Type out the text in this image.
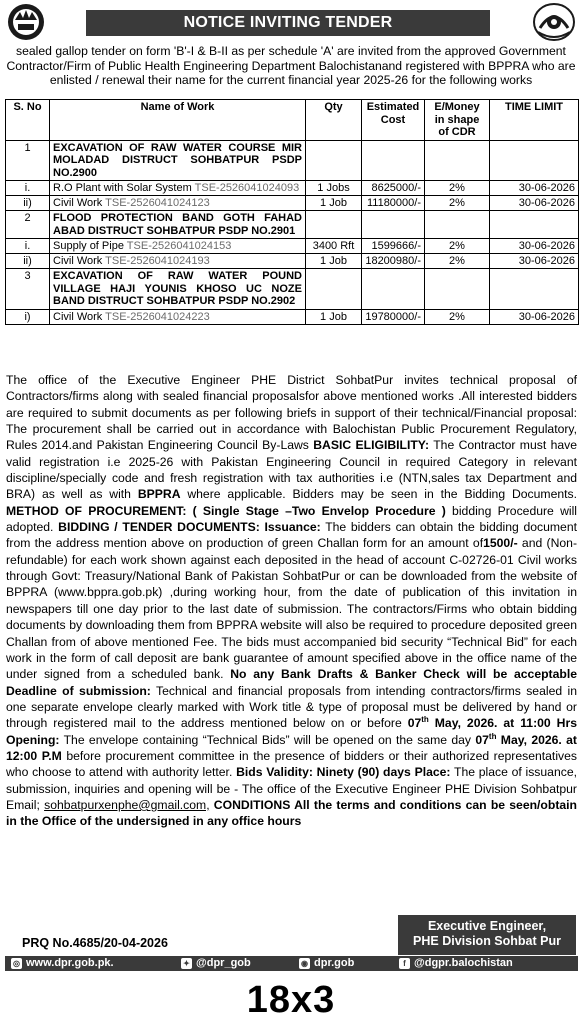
NOTICE INVITING TENDER
sealed gallop tender on form 'B'-I & B-II as per schedule 'A' are invited from the approved Government Contractor/Firm of Public Health Engineering Department Balochistanand registered with BPPRA who are enlisted / renewal their name for the current financial year 2025-26 for the following works
S. No	Name of Work	Qty	Estimated Cost	E/Money in shape of CDR	TIME LIMIT
1	EXCAVATION OF RAW WATER COURSE MIR MOLADAD DISTRUCT SOHBATPUR PSDP NO.2900				
i.	R.O Plant with Solar System TSE-2526041024093	1 Jobs	8625000/-	2%	30-06-2026
ii)	Civil Work TSE-2526041024123	1 Job	11180000/-	2%	30-06-2026
2	FLOOD PROTECTION BAND GOTH FAHAD ABAD DISTRUCT SOHBATPUR PSDP NO.2901				
i.	Supply of Pipe TSE-2526041024153	3400 Rft	1599666/-	2%	30-06-2026
ii)	Civil Work TSE-2526041024193	1 Job	18200980/-	2%	30-06-2026
3	EXCAVATION OF RAW WATER POUND VILLAGE HAJI YOUNIS KHOSO UC NOZE BAND DISTRUCT SOHBATPUR PSDP NO.2902				
i)	Civil Work TSE-2526041024223	1 Job	19780000/-	2%	30-06-2026
The office of the Executive Engineer PHE District SohbatPur invites technical proposal of Contractors/firms along with sealed financial proposalsfor above mentioned works .All interested bidders are required to submit documents as per following briefs in support of their technical/Financial proposal: The procurement shall be carried out in accordance with Balochistan Public Procurement Regulatory, Rules 2014.and Pakistan Engineering Council By-Laws BASIC ELIGIBILITY: The Contractor must have valid registration i.e 2025-26 with Pakistan Engineering Council in required Category in relevant discipline/specially code and fresh registration with tax authorities i.e (NTN,sales tax Department and BRA) as well as with BPPRA where applicable. Bidders may be seen in the Bidding Documents. METHOD OF PROCUREMENT: ( Single Stage –Two Envelop Procedure ) bidding Procedure will adopted. BIDDING / TENDER DOCUMENTS: Issuance: The bidders can obtain the bidding document from the address mention above on production of green Challan form for an amount of1500/- and (Non-refundable) for each work shown against each deposited in the head of account C-02726-01 Civil works through Govt: Treasury/National Bank of Pakistan SohbatPur or can be downloaded from the website of BPPRA (www.bppra.gob.pk) ,during working hour, from the date of publication of this invitation in newspapers till one day prior to the last date of submission. The contractors/Firms who obtain bidding documents by downloading them from BPPRA website will also be required to procedure deposited green Challan from of above mentioned Fee. The bids must accompanied bid security “Technical Bid” for each work in the form of call deposit are bank guarantee of amount specified above in the office name of the under signed from a scheduled bank. No any Bank Drafts & Banker Check will be acceptable Deadline of submission: Technical and financial proposals from intending contractors/firms sealed in one separate envelope clearly marked with Work title & type of proposal must be delivered by hand or through registered mail to the address mentioned below on or before 07th May, 2026. at 11:00 Hrs Opening: The envelope containing “Technical Bids” will be opened on the same day 07th May, 2026. at 12:00 P.M before procurement committee in the presence of bidders or their authorized representatives who choose to attend with authority letter. Bids Validity: Ninety (90) days Place: The place of issuance, submission, inquiries and opening will be - The office of the Executive Engineer PHE Division Sohbatpur Email; sohbatpurxenphe@gmail.com, CONDITIONS All the terms and conditions can be seen/obtain in the Office of the undersigned in any office hours
PRQ No.4685/20-04-2026
Executive Engineer,
PHE Division Sohbat Pur
◎ www.dpr.gob.pk.	✦ @dpr_gob	◉ dpr.gob	f @dgpr.balochistan
18x3
